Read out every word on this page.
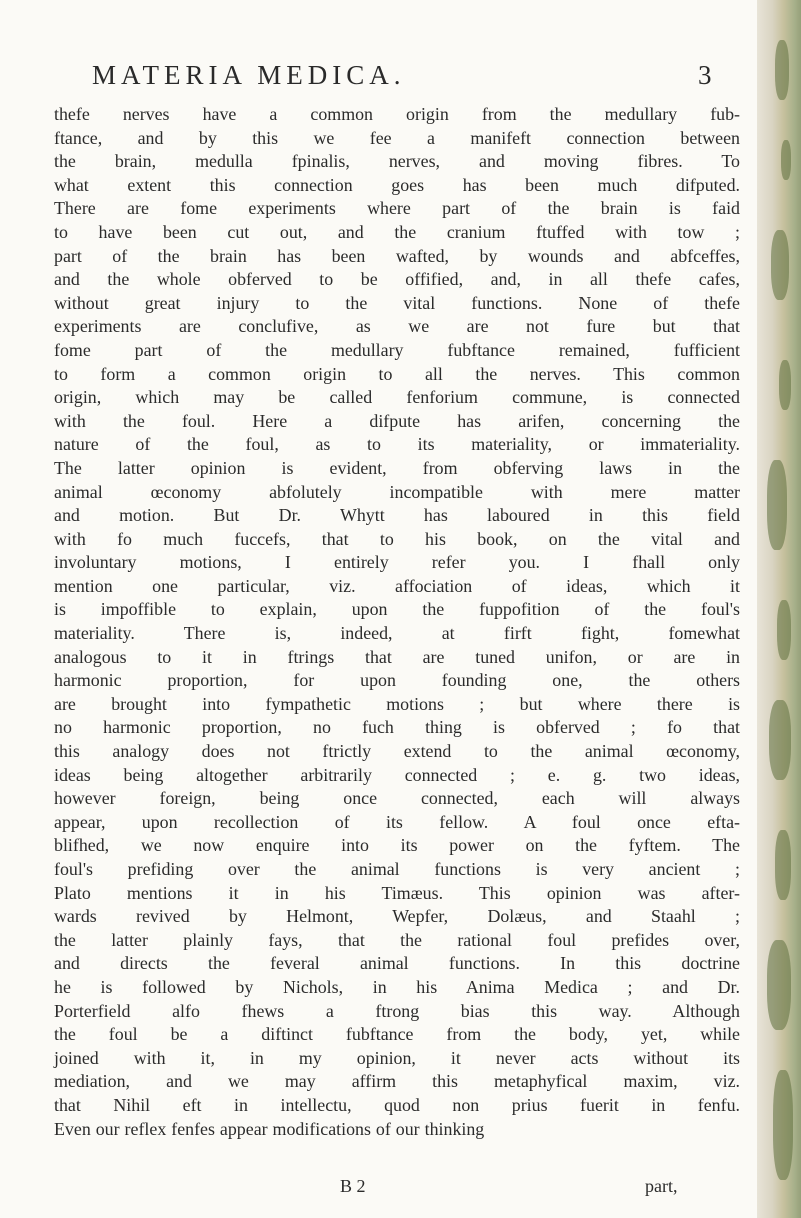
MATERIA MEDICA.	3
thefe nerves have a common origin from the medullary fub-
ftance, and by this we fee a manifeft connection between
the brain, medulla fpinalis, nerves, and moving fibres. To
what extent this connection goes has been much difputed.
There are fome experiments where part of the brain is faid
to have been cut out, and the cranium ftuffed with tow ;
part of the brain has been wafted, by wounds and abfceffes,
and the whole obferved to be offified, and, in all thefe cafes,
without great injury to the vital functions. None of thefe
experiments are conclufive, as we are not fure but that
fome part of the medullary fubftance remained, fufficient
to form a common origin to all the nerves. This common
origin, which may be called fenforium commune, is connected
with the foul. Here a difpute has arifen, concerning the
nature of the foul, as to its materiality, or immateriality.
The latter opinion is evident, from obferving laws in the
animal œconomy abfolutely incompatible with mere matter
and motion. But Dr. Whytt has laboured in this field
with fo much fuccefs, that to his book, on the vital and
involuntary motions, I entirely refer you. I fhall only
mention one particular, viz. affociation of ideas, which it
is impoffible to explain, upon the fuppofition of the foul's
materiality. There is, indeed, at firft fight, fomewhat
analogous to it in ftrings that are tuned unifon, or are in
harmonic proportion, for upon founding one, the others
are brought into fympathetic motions ; but where there is
no harmonic proportion, no fuch thing is obferved ; fo that
this analogy does not ftrictly extend to the animal œconomy,
ideas being altogether arbitrarily connected ; e. g. two ideas,
however foreign, being once connected, each will always
appear, upon recollection of its fellow. A foul once efta-
blifhed, we now enquire into its power on the fyftem. The
foul's prefiding over the animal functions is very ancient ;
Plato mentions it in his Timæus. This opinion was after-
wards revived by Helmont, Wepfer, Dolæus, and Staahl ;
the latter plainly fays, that the rational foul prefides over,
and directs the feveral animal functions. In this doctrine
he is followed by Nichols, in his Anima Medica ; and Dr.
Porterfield alfo fhews a ftrong bias this way. Although
the foul be a diftinct fubftance from the body, yet, while
joined with it, in my opinion, it never acts without its
mediation, and we may affirm this metaphyfical maxim, viz.
that Nihil eft in intellectu, quod non prius fuerit in fenfu.
Even our reflex fenfes appear modifications of our thinking
B 2	part,
